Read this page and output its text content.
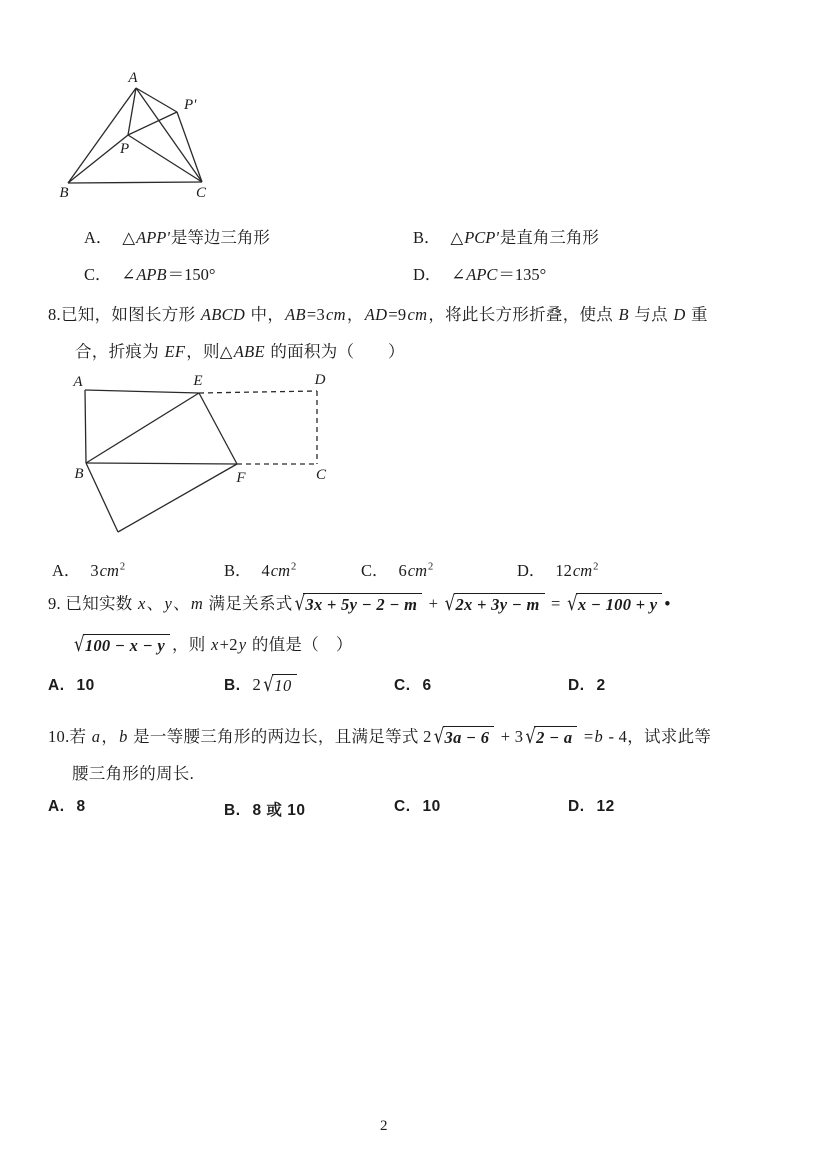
A
P'
P
B	C
A． △APP'是等边三角形	B． △PCP'是直角三角形
C． ∠APB＝150°	D． ∠APC＝135°
8.已知，如图长方形 ABCD 中，AB=3cm，AD=9cm，将此长方形折叠，使点 B 与点 D 重
合，折痕为 EF，则△ABE 的面积为（　　）
A	E	D
B	F	C
A． $3cm^2$	B． $4cm^2$	C． $6cm^2$	D． $12cm^2$
9. 已知实数 x、y、m 满足关系式 √ 3x + 5y − 2 − m + √ 2x + 3y − m = √ x − 100 + y •
√ 100 − x − y ，则 x+2y 的值是（　）
A. 10	B. 2 √ 10	C. 6	D. 2
10.若 a，b 是一等腰三角形的两边长，且满足等式 2 √ 3a − 6 + 3 √ 2 − a =b - 4，试求此等
腰三角形的周长.
A. 8	B. 8 或 10	C. 10	D. 12
2
